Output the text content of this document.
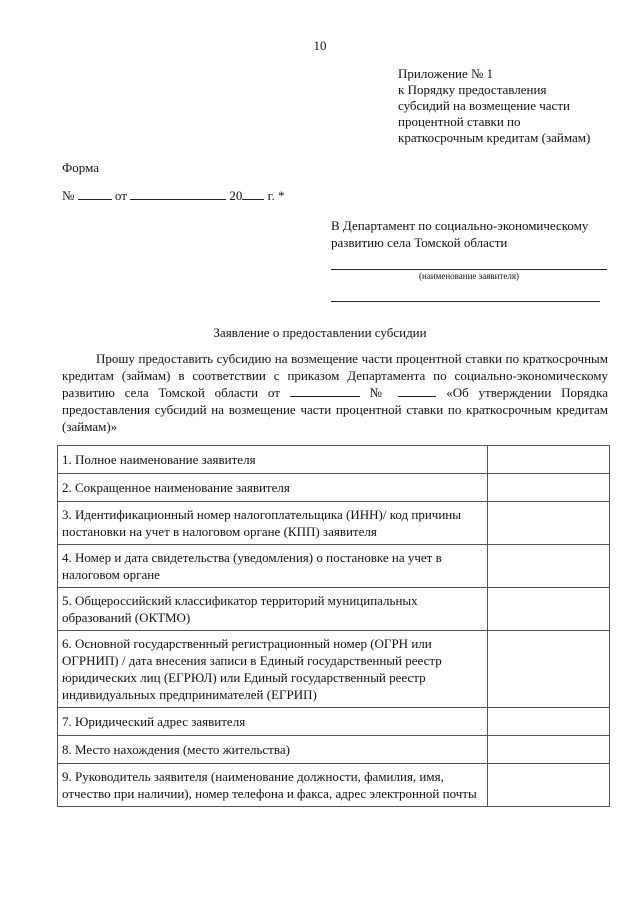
10
Приложение № 1
к Порядку предоставления
субсидий на возмещение части
процентной ставки по
краткосрочным кредитам (займам)
Форма
№	от	20 г. *
В Департамент по социально-экономическому
развитию села Томской области
(наименование заявителя)
Заявление о предоставлении субсидии
Прошу предоставить субсидию на возмещение части процентной ставки по краткосрочным кредитам (займам) в соответствии с приказом Департамента по социально-экономическому развитию села Томской области от	№	«Об утверждении Порядка предоставления субсидий на возмещение части процентной ставки по краткосрочным кредитам (займам)»
1. Полное наименование заявителя	
2. Сокращенное наименование заявителя	
3. Идентификационный номер налогоплательщика (ИНН)/ код причины постановки на учет в налоговом органе (КПП) заявителя	
4. Номер и дата свидетельства (уведомления) о постановке на учет в налоговом органе	
5. Общероссийский классификатор территорий муниципальных образований (ОКТМО)	
6. Основной государственный регистрационный номер (ОГРН или ОГРНИП) / дата внесения записи в Единый государственный реестр юридических лиц (ЕГРЮЛ) или Единый государственный реестр индивидуальных предпринимателей (ЕГРИП)	
7. Юридический адрес заявителя	
8. Место нахождения (место жительства)	
9. Руководитель заявителя (наименование должности, фамилия, имя, отчество при наличии), номер телефона и факса, адрес электронной почты	
